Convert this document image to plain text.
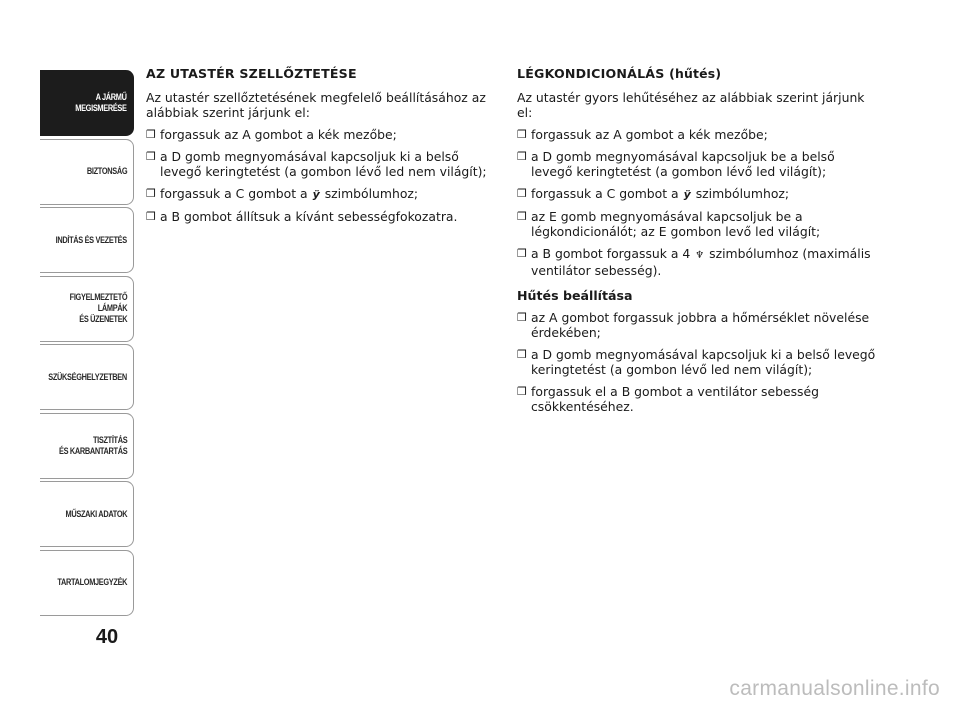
A JÁRMŰ
MEGISMERÉSE
BIZTONSÁG
INDÍTÁS ÉS VEZETÉS
FIGYELMEZTETŐ
LÁMPÁK
ÉS ÜZENETEK
SZÜKSÉGHELYZETBEN
TISZTÍTÁS
ÉS KARBANTARTÁS
MŰSZAKI ADATOK
TARTALOMJEGYZÉK
40
AZ UTASTÉR SZELLŐZTETÉSE
Az utastér szellőztetésének megfelelő beállításához az alábbiak szerint járjunk el:
❒ forgassuk az A gombot a kék mezőbe;
❒ a D gomb megnyomásával kapcsoljuk ki a belső levegő keringtetést (a gombon lévő led nem világít);
❒ forgassuk a C gombot a ÿ szimbólumhoz;
❒ a B gombot állítsuk a kívánt sebességfokozatra.
LÉGKONDICIONÁLÁS (hűtés)
Az utastér gyors lehűtéséhez az alábbiak szerint járjunk el:
❒ forgassuk az A gombot a kék mezőbe;
❒ a D gomb megnyomásával kapcsoljuk be a belső levegő keringtetést (a gombon lévő led világít);
❒ forgassuk a C gombot a ÿ szimbólumhoz;
❒ az E gomb megnyomásával kapcsoljuk be a légkondicionálót; az E gombon levő led világít;
❒ a B gombot forgassuk a 4 ♆ szimbólumhoz (maximális ventilátor sebesség).
Hűtés beállítása
❒ az A gombot forgassuk jobbra a hőmérséklet növelése érdekében;
❒ a D gomb megnyomásával kapcsoljuk ki a belső levegő keringtetést (a gombon lévő led nem világít);
❒ forgassuk el a B gombot a ventilátor sebesség csökkentéséhez.
carmanualsonline.info
